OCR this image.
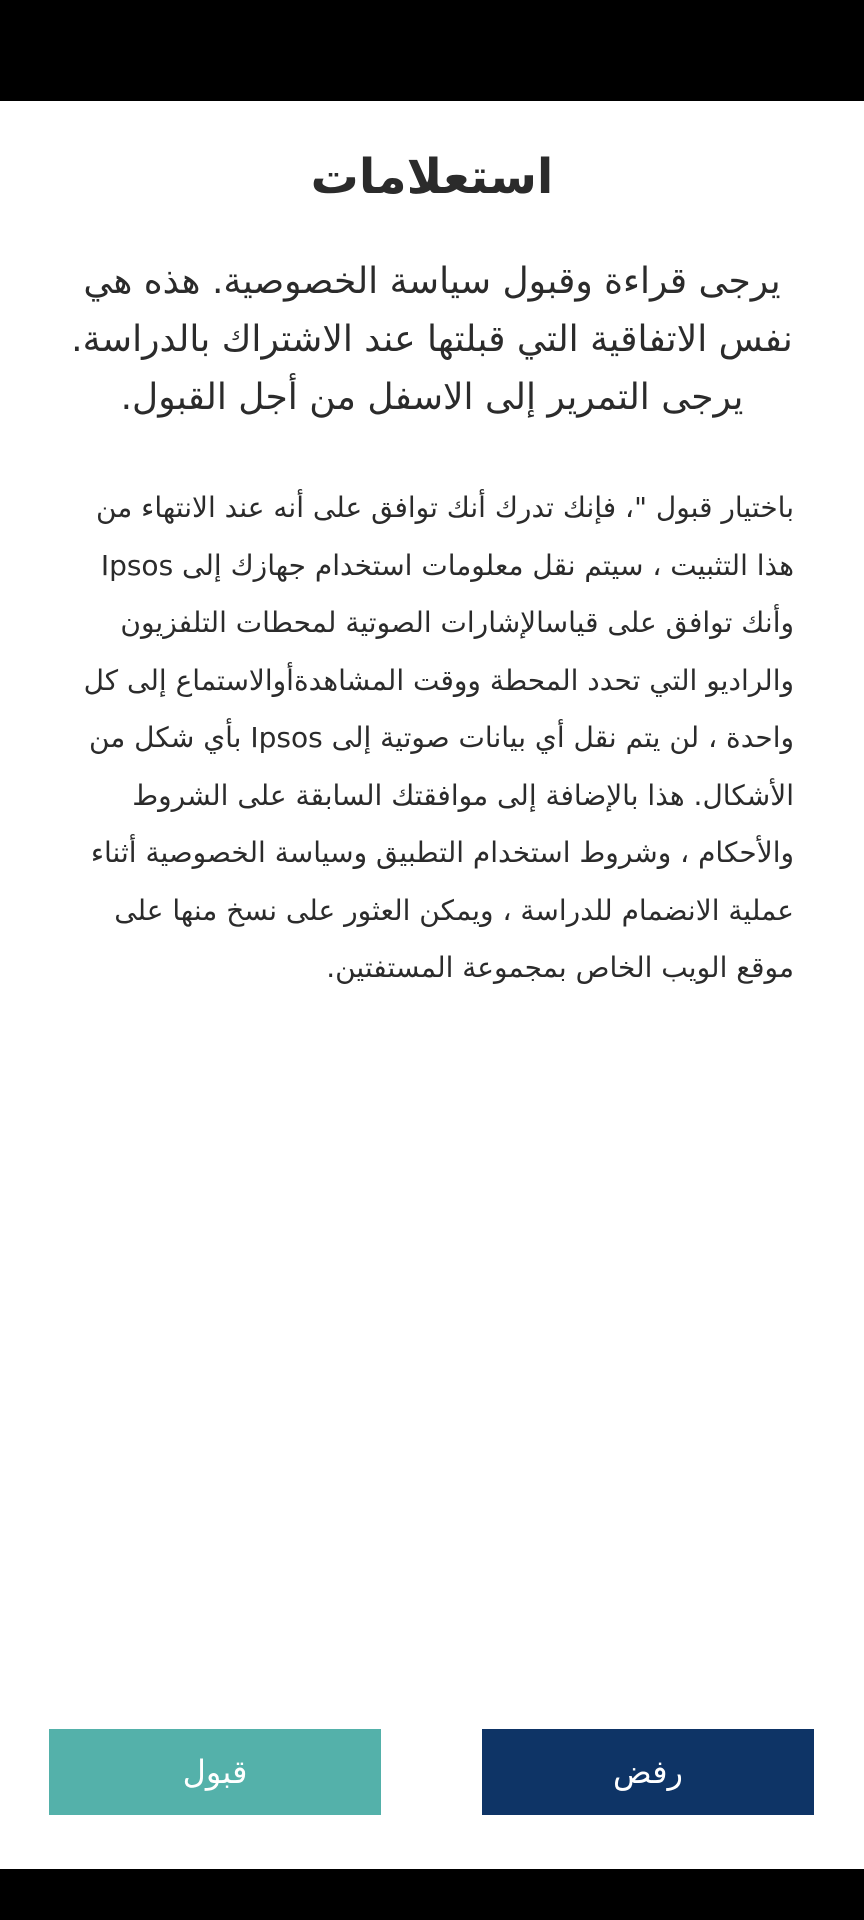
استعلامات

يرجى قراءة وقبول سياسة الخصوصية. هذه هي نفس الاتفاقية التي قبلتها عند الاشتراك بالدراسة. يرجى التمرير إلى الاسفل من أجل القبول.

باختيار قبول "، فإنك تدرك أنك توافق على أنه عند الانتهاء من هذا التثبيت ، سيتم نقل معلومات استخدام جهازك إلى Ipsos وأنك توافق على قياسالإشارات الصوتية لمحطات التلفزيون والراديو التي تحدد المحطة ووقت المشاهدةأوالاستماع إلى كل واحدة ، لن يتم نقل أي بيانات صوتية إلى Ipsos بأي شكل من الأشكال. هذا بالإضافة إلى موافقتك السابقة على الشروط والأحكام ، وشروط استخدام التطبيق وسياسة الخصوصية أثناء عملية الانضمام للدراسة ، ويمكن العثور على نسخ منها على موقع الويب الخاص بمجموعة المستفتين.

قبول	رفض
